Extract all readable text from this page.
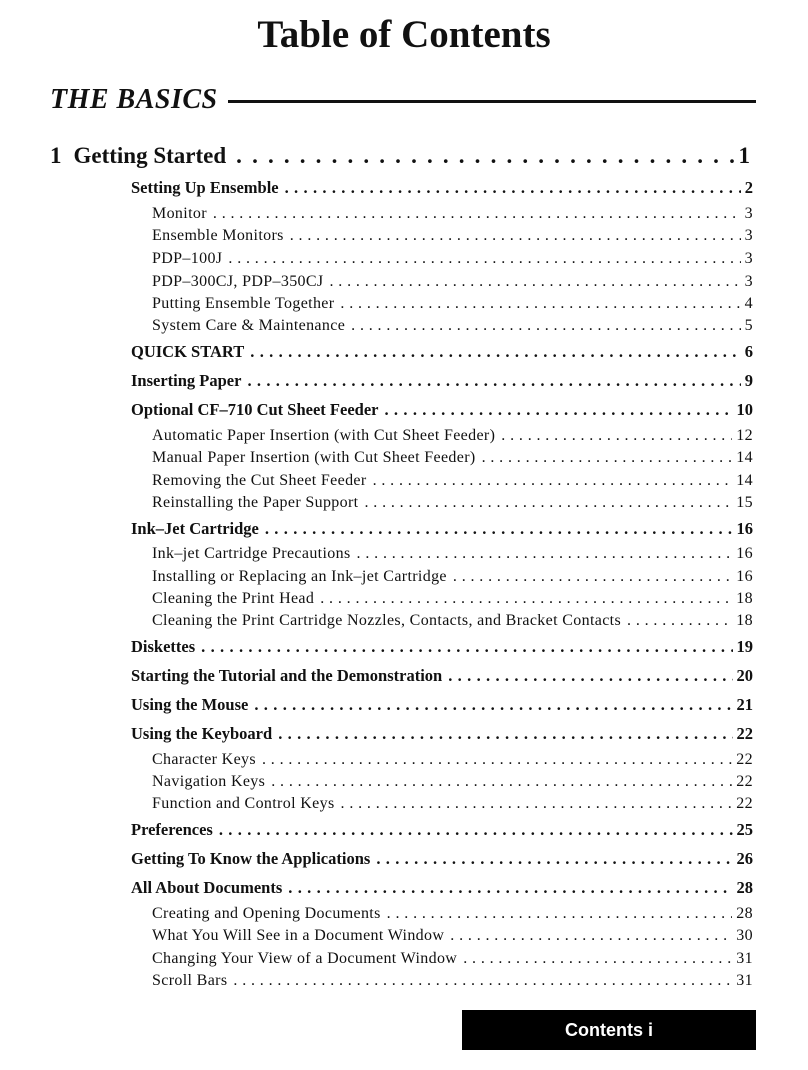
Table of Contents
THE BASICS
1 Getting Started . . .	1
Setting Up Ensemble . . .	2
Monitor . . .	3
Ensemble Monitors . . .	3
PDP–100J . . .	3
PDP–300CJ, PDP–350CJ . . .	3
Putting Ensemble Together . . .	4
System Care & Maintenance . . .	5
QUICK START . . .	6
Inserting Paper . . .	9
Optional CF–710 Cut Sheet Feeder . . .	10
Automatic Paper Insertion (with Cut Sheet Feeder) . . .	12
Manual Paper Insertion (with Cut Sheet Feeder) . . .	14
Removing the Cut Sheet Feeder . . .	14
Reinstalling the Paper Support . . .	15
Ink–Jet Cartridge . . .	16
Ink–jet Cartridge Precautions . . .	16
Installing or Replacing an Ink–jet Cartridge . . .	16
Cleaning the Print Head . . .	18
Cleaning the Print Cartridge Nozzles, Contacts, and Bracket Contacts . . .	18
Diskettes . . .	19
Starting the Tutorial and the Demonstration . . .	20
Using the Mouse . . .	21
Using the Keyboard . . .	22
Character Keys . . .	22
Navigation Keys . . .	22
Function and Control Keys . . .	22
Preferences . . .	25
Getting To Know the Applications . . .	26
All About Documents . . .	28
Creating and Opening Documents . . .	28
What You Will See in a Document Window . . .	30
Changing Your View of a Document Window . . .	31
Scroll Bars . . .	31
Contents i
